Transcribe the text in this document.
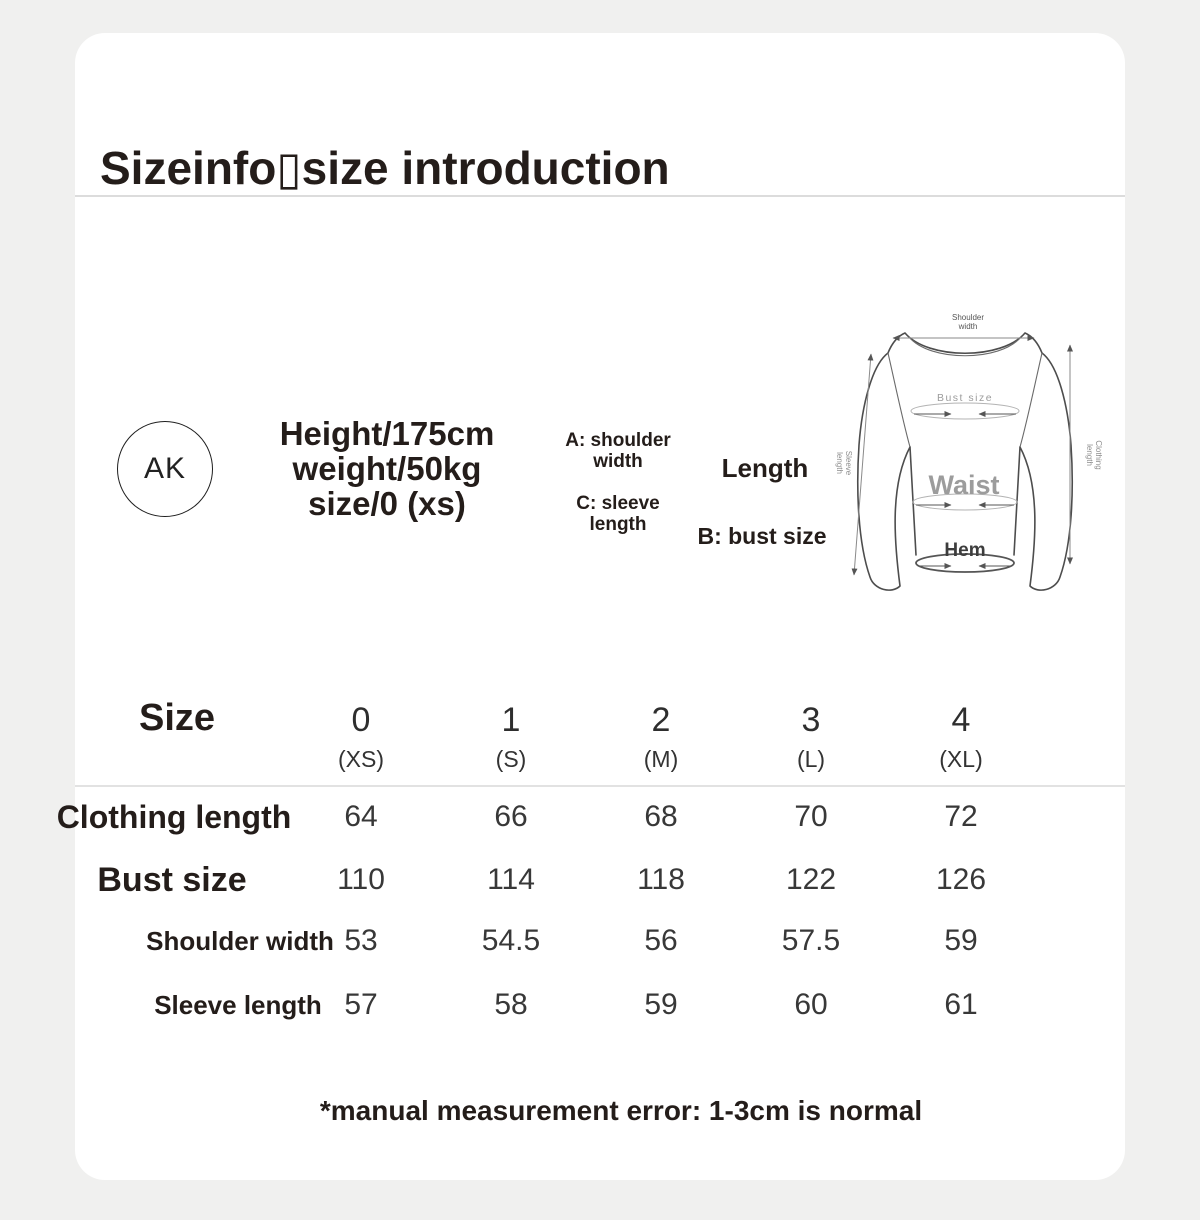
Sizeinfo▯size introduction
AK
Height/175cm
weight/50kg
size/0 (xs)
A: shoulder
width
C: sleeve
length
Length
B: bust size
Shoulder
width
Bust size
Waist
Hem
Sleeve
length	Clothing
length
Size	0	1	2	3	4
(XS)	(S)	(M)	(L)	(XL)
Clothing length 64	66	68	70	72
Bust size	110	114	118	122	126
Shoulder width 53	54.5	56	57.5	59
Sleeve length 57	58	59	60	61
*manual measurement error: 1-3cm is normal
